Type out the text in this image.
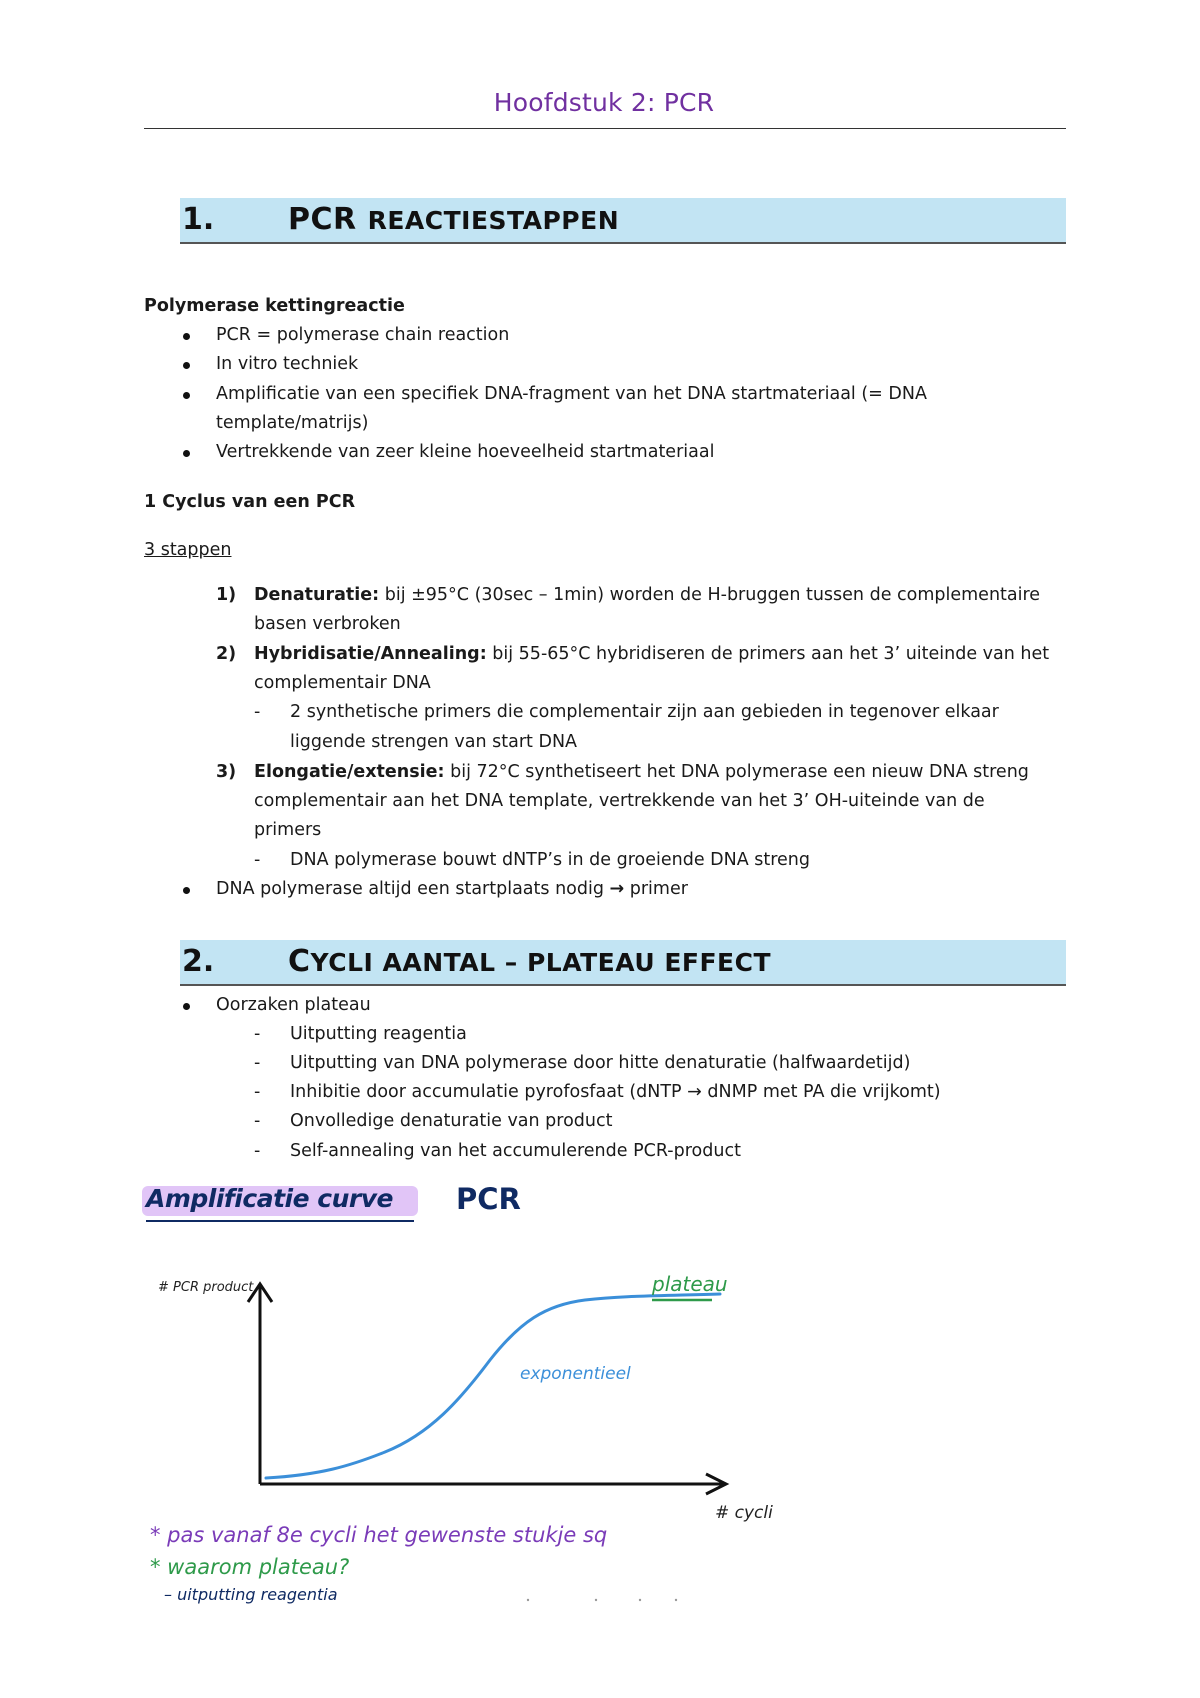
Hoofdstuk 2: PCR
1. PCR REACTIESTAPPEN
Polymerase kettingreactie
PCR = polymerase chain reaction
In vitro techniek
Amplificatie van een specifiek DNA-fragment van het DNA startmateriaal (= DNA
template/matrijs)
Vertrekkende van zeer kleine hoeveelheid startmateriaal
1 Cyclus van een PCR
3 stappen
1) Denaturatie: bij ±95°C (30sec – 1min) worden de H-bruggen tussen de complementaire
basen verbroken
2) Hybridisatie/Annealing: bij 55-65°C hybridiseren de primers aan het 3’ uiteinde van het
complementair DNA
- 2 synthetische primers die complementair zijn aan gebieden in tegenover elkaar
liggende strengen van start DNA
3) Elongatie/extensie: bij 72°C synthetiseert het DNA polymerase een nieuw DNA streng
complementair aan het DNA template, vertrekkende van het 3’ OH-uiteinde van de
primers
- DNA polymerase bouwt dNTP’s in de groeiende DNA streng
DNA polymerase altijd een startplaats nodig → primer
2. CYCLI AANTAL – PLATEAU EFFECT
Oorzaken plateau
- Uitputting reagentia
- Uitputting van DNA polymerase door hitte denaturatie (halfwaardetijd)
- Inhibitie door accumulatie pyrofosfaat (dNTP → dNMP met PA die vrijkomt)
- Onvolledige denaturatie van product
- Self-annealing van het accumulerende PCR-product
Amplificatie curve PCR
# PCR product
# cycli
plateau
exponentieel
* pas vanaf 8e cycli het gewenste stukje sq
* waarom plateau?
– uitputting reagentia
